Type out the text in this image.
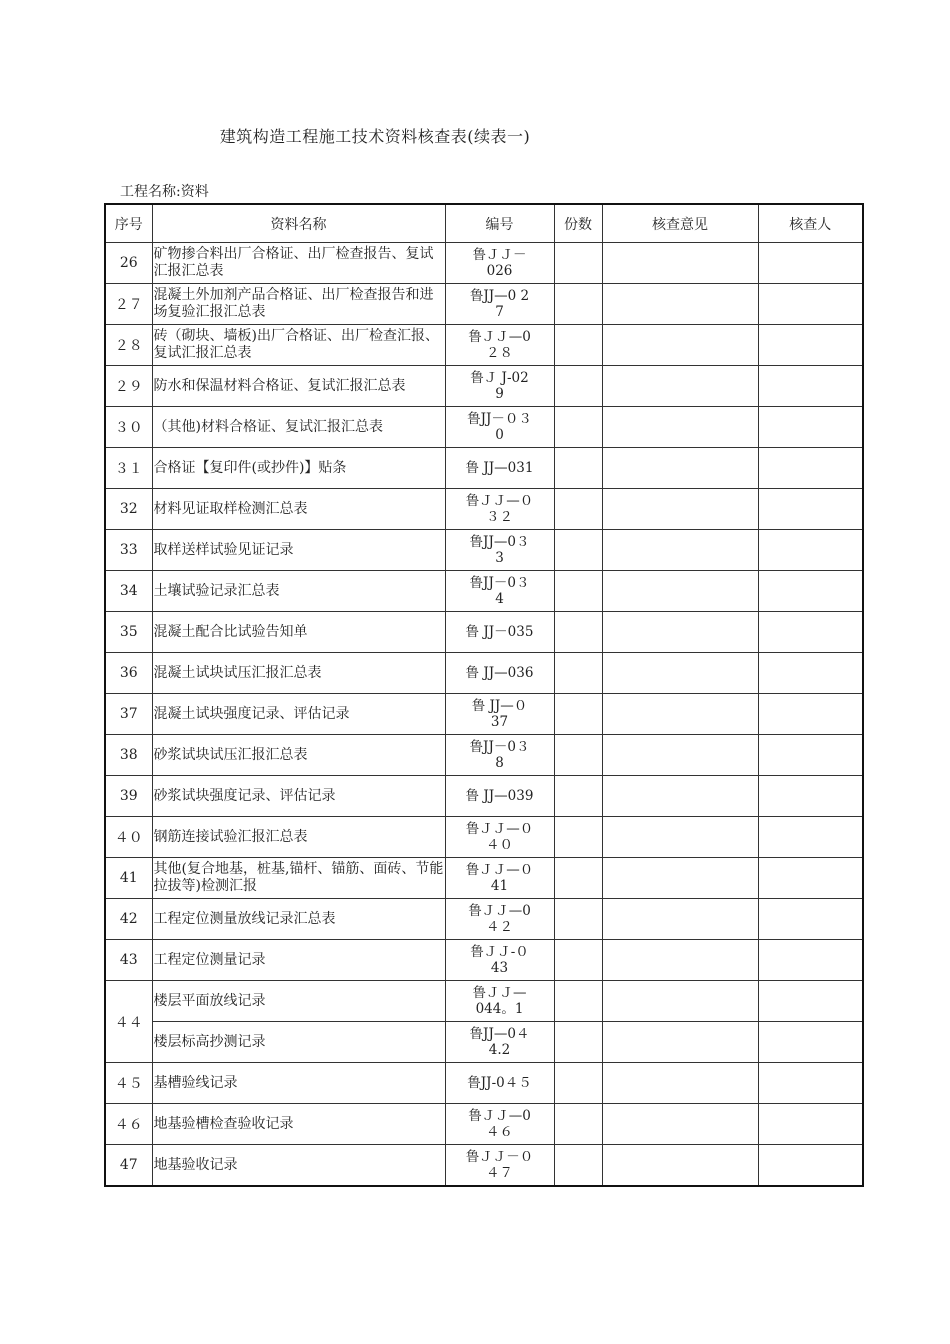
建筑构造工程施工技术资料核查表(续表一)
工程名称:资料
序号	资料名称	编号	份数	核查意见	核查人
26	矿物掺合料出厂合格证、出厂检查报告、复试汇报汇总表	鲁ＪＪ－
026			

２７	混凝土外加剂产品合格证、出厂检查报告和进场复验汇报汇总表	鲁JJ—0 2
7			

２８	砖（砌块、墙板)出厂合格证、出厂检查汇报、复试汇报汇总表	鲁ＪＪ—0
２８			

２９	防水和保温材料合格证、复试汇报汇总表	鲁Ｊ J-02
9			

３０	（其他)材料合格证、复试汇报汇总表	鲁JJ－０３
0			

３１	合格证【复印件(或抄件)】贴条	鲁 JJ—031			

32	材料见证取样检测汇总表	鲁ＪＪ—０
３２			

33	取样送样试验见证记录	鲁JJ—0３
3			

34	土壤试验记录汇总表	鲁JJ－0３
4			

35	混凝土配合比试验告知单	鲁 JJ－035			

36	混凝土试块试压汇报汇总表	鲁 JJ—036			

37	混凝土试块强度记录、评估记录	鲁 JJ—０
37			

38	砂浆试块试压汇报汇总表	鲁JJ－0３
8			

39	砂浆试块强度记录、评估记录	鲁 JJ—039			

４０	钢筋连接试验汇报汇总表	鲁ＪＪ—０
４０			

41	其他(复合地基，桩基,锚杆、锚筋、面砖、节能拉拔等)检测汇报	鲁ＪＪ—０
41			

42	工程定位测量放线记录汇总表	鲁ＪＪ—0
４２			

43	工程定位测量记录	鲁ＪＪ-０
43			

４４	楼层平面放线记录	鲁ＪＪ—
044。1			

	楼层标高抄测记录	鲁JJ—0４
4.2			

４５	基槽验线记录	鲁JJ-0４５			

４６	地基验槽检查验收记录	鲁ＪＪ—0
４６			

47	地基验收记录	鲁ＪＪ－０
４７			
